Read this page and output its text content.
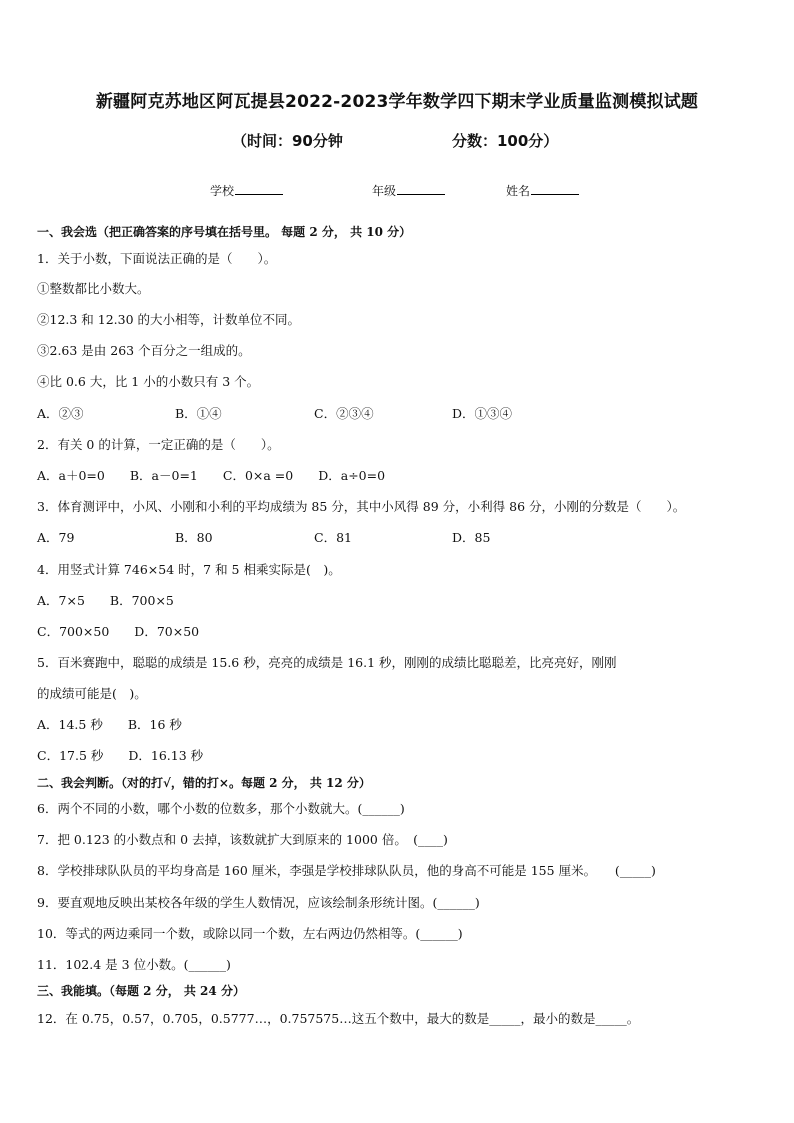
新疆阿克苏地区阿瓦提县2022-2023学年数学四下期末学业质量监测模拟试题
（时间：90分钟	分数：100分）
学校	年级	姓名
一、我会选（把正确答案的序号填在括号里。 每题 2 分， 共 10 分）
1．关于小数，下面说法正确的是（　　）。
①整数都比小数大。
②12.3 和 12.30 的大小相等，计数单位不同。
③2.63 是由 263 个百分之一组成的。
④比 0.6 大，比 1 小的小数只有 3 个。
A．②③	B．①④	C．②③④	D．①③④
2．有关 0 的计算，一定正确的是（　　）。
A．a＋0=0　　B．a－0=1　　C．0×a =0　　D．a÷0=0
3．体育测评中，小风、小刚和小利的平均成绩为 85 分，其中小风得 89 分，小利得 86 分，小刚的分数是（　　）。
A．79	B．80	C．81	D．85
4．用竖式计算 746×54 时，7 和 5 相乘实际是(　)。
A．7×5　　B．700×5
C．700×50　　D．70×50
5．百米赛跑中，聪聪的成绩是 15.6 秒，亮亮的成绩是 16.1 秒，刚刚的成绩比聪聪差，比亮亮好，刚刚
的成绩可能是(　)。
A．14.5 秒　　B．16 秒
C．17.5 秒　　D．16.13 秒
二、我会判断。（对的打√，错的打×。每题 2 分， 共 12 分）
6．两个不同的小数，哪个小数的位数多，那个小数就大。(______)
7．把 0.123 的小数点和 0 去掉，该数就扩大到原来的 1000 倍。　(____)
8．学校排球队队员的平均身高是 160 厘米，李强是学校排球队队员，他的身高不可能是 155 厘米。　　(_____)
9．要直观地反映出某校各年级的学生人数情况，应该绘制条形统计图。(______)
10．等式的两边乘同一个数，或除以同一个数，左右两边仍然相等。(______)
11．102.4 是 3 位小数。(______)
三、我能填。（每题 2 分， 共 24 分）
12．在 0.75，0.57，0.705，0.5777…，0.757575…这五个数中，最大的数是_____，最小的数是_____。
